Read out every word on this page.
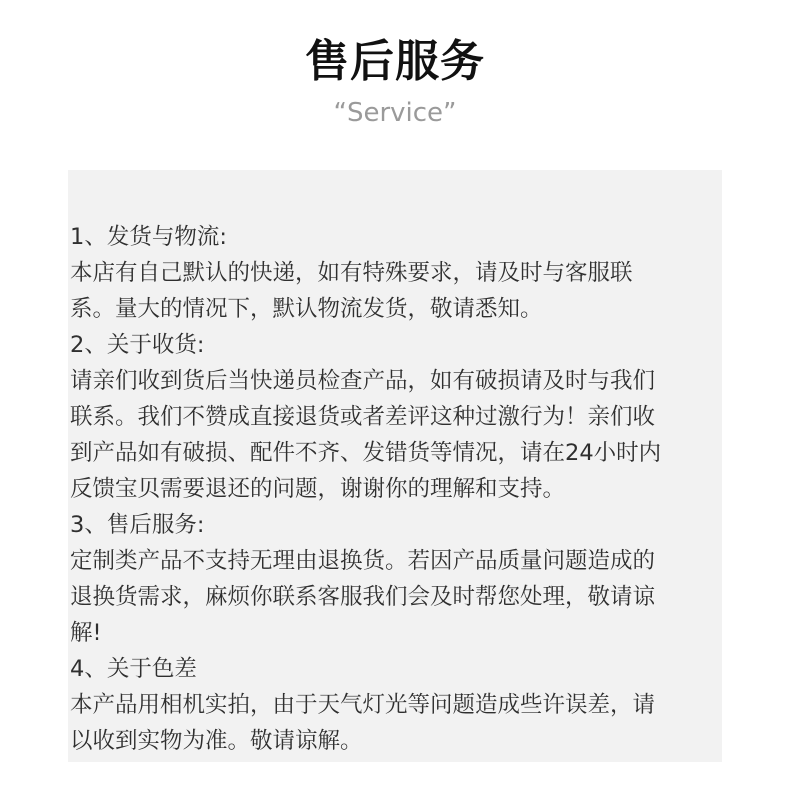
售后服务
“Service”
1、发货与物流:
本店有自己默认的快递，如有特殊要求，请及时与客服联
系。量大的情况下，默认物流发货，敬请悉知。
2、关于收货:
请亲们收到货后当快递员检查产品，如有破损请及时与我们
联系。我们不赞成直接退货或者差评这种过激行为！亲们收
到产品如有破损、配件不齐、发错货等情况，请在24小时内
反馈宝贝需要退还的问题，谢谢你的理解和支持。
3、售后服务:
定制类产品不支持无理由退换货。若因产品质量问题造成的
退换货需求，麻烦你联系客服我们会及时帮您处理，敬请谅
解!
4、关于色差
本产品用相机实拍，由于天气灯光等问题造成些许误差，请
以收到实物为准。敬请谅解。
